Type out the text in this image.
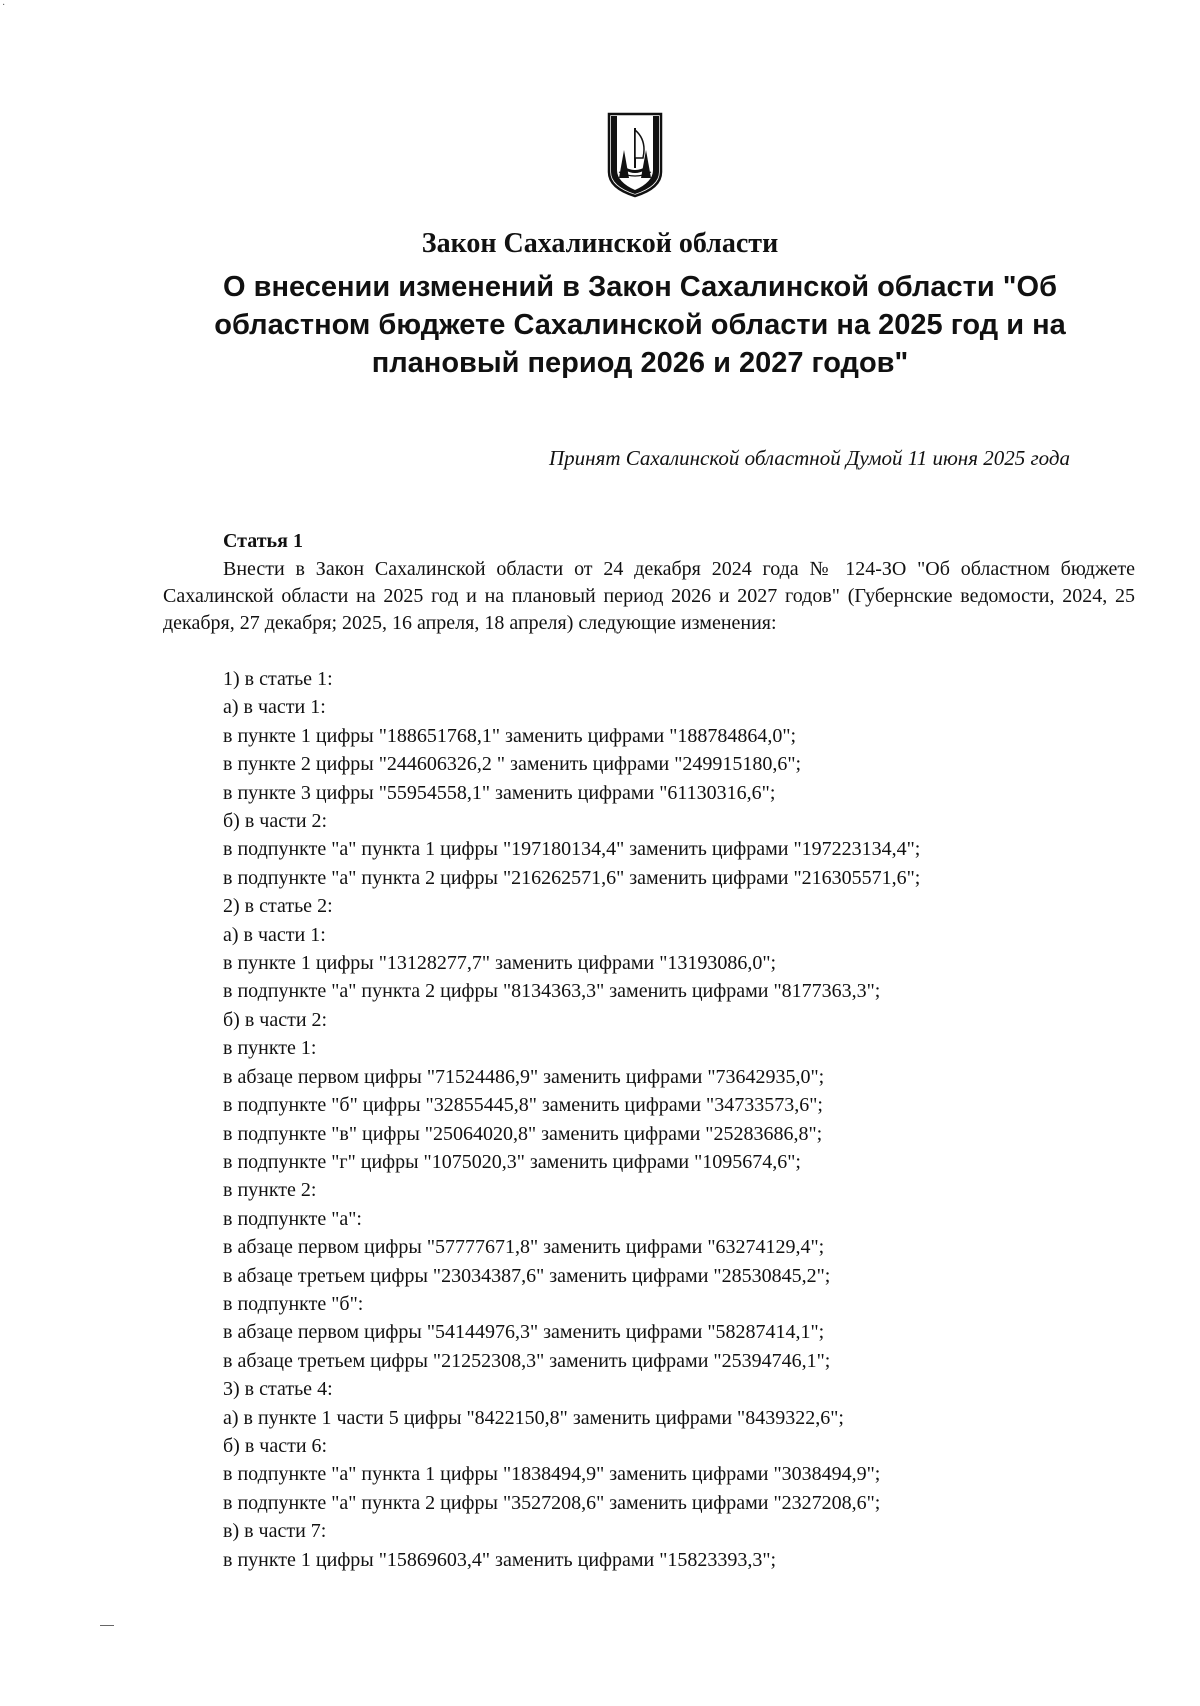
·
Закон Сахалинской области
О внесении изменений в Закон Сахалинской области "Об областном бюджете Сахалинской области на 2025 год и на плановый период 2026 и 2027 годов"
Принят Сахалинской областной Думой 11 июня 2025 года
Статья 1
Внести в Закон Сахалинской области от 24 декабря 2024 года № 124-ЗО "Об областном бюджете Сахалинской области на 2025 год и на плановый период 2026 и 2027 годов" (Губернские ведомости, 2024, 25 декабря, 27 декабря; 2025, 16 апреля, 18 апреля) следующие изменения:
1) в статье 1:
а) в части 1:
в пункте 1 цифры "188651768,1" заменить цифрами "188784864,0";
в пункте 2 цифры "244606326,2 " заменить цифрами "249915180,6";
в пункте 3 цифры "55954558,1" заменить цифрами "61130316,6";
б) в части 2:
в подпункте "а" пункта 1 цифры "197180134,4" заменить цифрами "197223134,4";
в подпункте "а" пункта 2 цифры "216262571,6" заменить цифрами "216305571,6";
2) в статье 2:
а) в части 1:
в пункте 1 цифры "13128277,7" заменить цифрами "13193086,0";
в подпункте "а" пункта 2 цифры "8134363,3" заменить цифрами "8177363,3";
б) в части 2:
в пункте 1:
в абзаце первом цифры "71524486,9" заменить цифрами "73642935,0";
в подпункте "б" цифры "32855445,8" заменить цифрами "34733573,6";
в подпункте "в" цифры "25064020,8" заменить цифрами "25283686,8";
в подпункте "г" цифры "1075020,3" заменить цифрами "1095674,6";
в пункте 2:
в подпункте "а":
в абзаце первом цифры "57777671,8" заменить цифрами "63274129,4";
в абзаце третьем цифры "23034387,6" заменить цифрами "28530845,2";
в подпункте "б":
в абзаце первом цифры "54144976,3" заменить цифрами "58287414,1";
в абзаце третьем цифры "21252308,3" заменить цифрами "25394746,1";
3) в статье 4:
а) в пункте 1 части 5 цифры "8422150,8" заменить цифрами "8439322,6";
б) в части 6:
в подпункте "а" пункта 1 цифры "1838494,9" заменить цифрами "3038494,9";
в подпункте "а" пункта 2 цифры "3527208,6" заменить цифрами "2327208,6";
в) в части 7:
в пункте 1 цифры "15869603,4" заменить цифрами "15823393,3";
